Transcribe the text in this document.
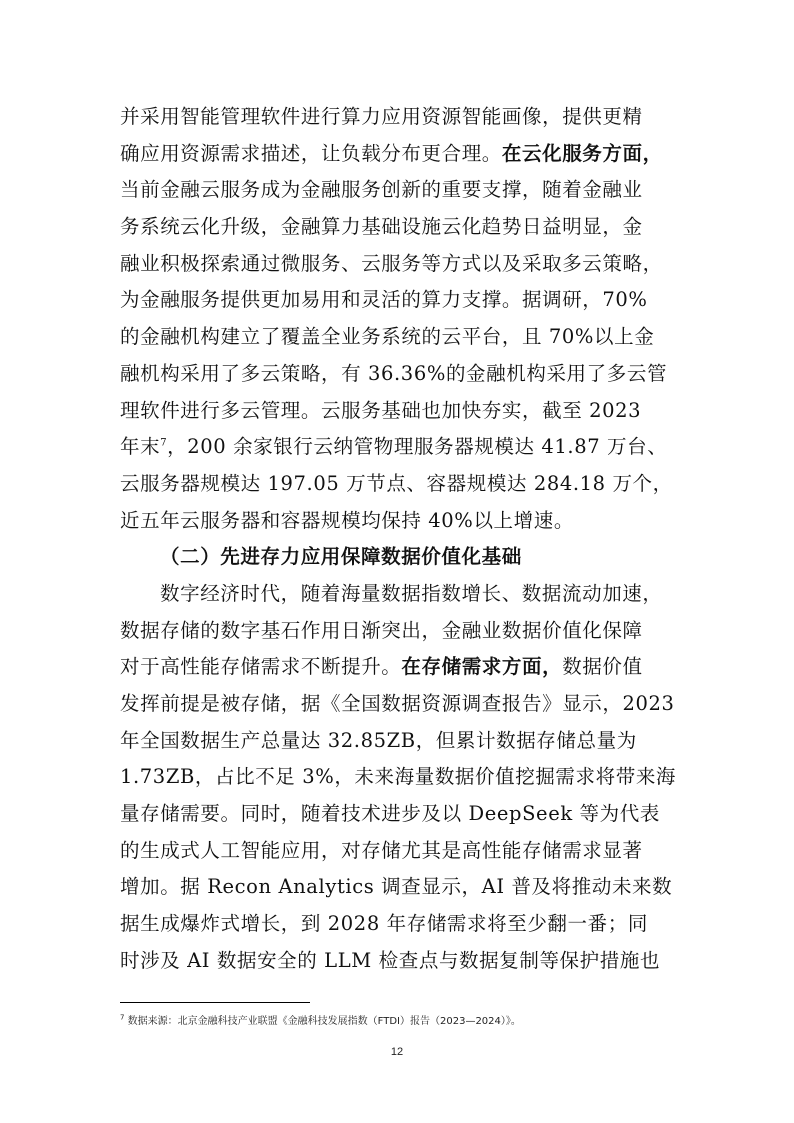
并采用智能管理软件进行算力应用资源智能画像，提供更精
确应用资源需求描述，让负载分布更合理。在云化服务方面，
当前金融云服务成为金融服务创新的重要支撑，随着金融业
务系统云化升级，金融算力基础设施云化趋势日益明显，金
融业积极探索通过微服务、云服务等方式以及采取多云策略，
为金融服务提供更加易用和灵活的算力支撑。据调研，70%
的金融机构建立了覆盖全业务系统的云平台，且 70%以上金
融机构采用了多云策略，有 36.36%的金融机构采用了多云管
理软件进行多云管理。云服务基础也加快夯实，截至 2023
年末$^7$，200 余家银行云纳管物理服务器规模达 41.87 万台、
云服务器规模达 197.05 万节点、容器规模达 284.18 万个，
近五年云服务器和容器规模均保持 40%以上增速。
（二）先进存力应用保障数据价值化基础
数字经济时代，随着海量数据指数增长、数据流动加速，
数据存储的数字基石作用日渐突出，金融业数据价值化保障
对于高性能存储需求不断提升。在存储需求方面，数据价值
发挥前提是被存储，据《全国数据资源调查报告》显示，2023
年全国数据生产总量达 32.85ZB，但累计数据存储总量为
1.73ZB，占比不足 3%，未来海量数据价值挖掘需求将带来海
量存储需要。同时，随着技术进步及以 DeepSeek 等为代表
的生成式人工智能应用，对存储尤其是高性能存储需求显著
增加。据 Recon Analytics 调查显示，AI 普及将推动未来数
据生成爆炸式增长，到 2028 年存储需求将至少翻一番；同
时涉及 AI 数据安全的 LLM 检查点与数据复制等保护措施也
$^7$ 数据来源：北京金融科技产业联盟《金融科技发展指数（FTDI）报告（2023—2024）》。
12
